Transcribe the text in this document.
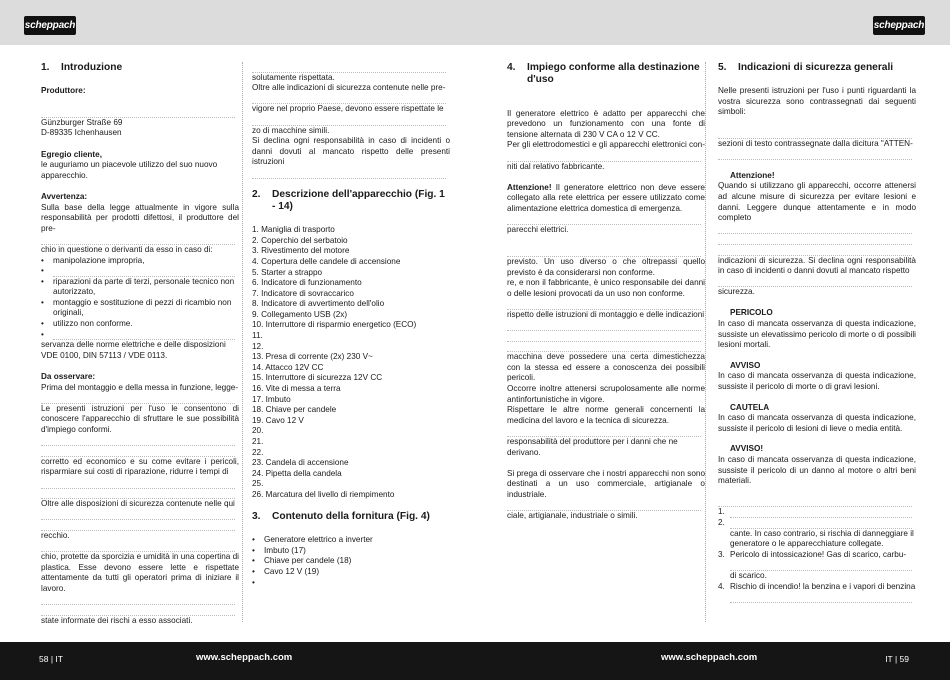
scheppach	scheppach
1.	Introduzione

Produttore:

Günzburger Straße 69

D-89335 Ichenhausen

Egregio cliente,

le auguriamo un piacevole utilizzo del suo nuovo apparecchio.

Avvertenza:

Sulla base della legge attualmente in vigore sulla responsabilità per prodotti difettosi, il produttore del pre-

chio in questione o derivanti da esso in caso di:

•	manipolazione impropria,
•
•	riparazioni da parte di terzi, personale tecnico non autorizzato,
•	montaggio e sostituzione di pezzi di ricambio non originali,
•	utilizzo non conforme.
•

servanza delle norme elettriche e delle disposizioni VDE 0100, DIN 57113 / VDE 0113.

Da osservare:

Prima del montaggio e della messa in funzione, legge-

Le presenti istruzioni per l'uso le consentono di conoscere l'apparecchio di sfruttare le sue possibilità d'impiego conformi.

corretto ed economico e su come evitare i pericoli, risparmiare sui costi di riparazione, ridurre i tempi di

Oltre alle disposizioni di sicurezza contenute nelle qui

recchio.

chio, protette da sporcizia e umidità in una copertina di plastica. Esse devono essere lette e rispettate attentamente da tutti gli operatori prima di iniziare il lavoro.

state informate dei rischi a esso associati.

solutamente rispettata.

Oltre alle indicazioni di sicurezza contenute nelle pre-

vigore nel proprio Paese, devono essere rispettate le

zo di macchine simili.

Si declina ogni responsabilità in caso di incidenti o danni dovuti al mancato rispetto delle presenti istruzioni

2.	Descrizione dell'apparecchio (Fig. 1 - 14)
1. Maniglia di trasporto
2. Coperchio del serbatoio
3. Rivestimento del motore
4. Copertura delle candele di accensione
5. Starter a strappo
6. Indicatore di funzionamento
7. Indicatore di sovraccarico
8. Indicatore di avvertimento dell'olio
9. Collegamento USB (2x)
10. Interruttore di risparmio energetico (ECO)
11.
12.
13. Presa di corrente (2x) 230 V~
14. Attacco 12V CC
15. Interruttore di sicurezza 12V CC
16. Vite di messa a terra
17. Imbuto
18. Chiave per candele
19. Cavo 12 V
20.
21.
22.
23. Candela di accensione
24. Pipetta della candela
25.
26. Marcatura del livello di riempimento
3.	Contenuto della fornitura (Fig. 4)
•	Generatore elettrico a inverter
•	Imbuto (17)
•	Chiave per candele (18)
•	Cavo 12 V (19)
•
4.	Impiego conforme alla destinazione d'uso

Il generatore elettrico è adatto per apparecchi che prevedono un funzionamento con una fonte di tensione alternata di 230 V CA o 12 V CC.

Per gli elettrodomestici e gli apparecchi elettronici con-

niti dal relativo fabbricante.

Attenzione! Il generatore elettrico non deve essere collegato alla rete elettrica per essere utilizzato come alimentazione elettrica domestica di emergenza.

parecchi elettrici.

previsto. Un uso diverso o che oltrepassi quello previsto è da considerarsi non conforme.

re, e non il fabbricante, è unico responsabile dei danni o delle lesioni provocati da un uso non conforme.

rispetto delle istruzioni di montaggio e delle indicazioni

macchina deve possedere una certa dimestichezza con la stessa ed essere a conoscenza dei possibili pericoli.

Occorre inoltre attenersi scrupolosamente alle norme antinfortunistiche in vigore.

Rispettare le altre norme generali concernenti la medicina del lavoro e la tecnica di sicurezza.

responsabilità del produttore per i danni che ne derivano.

Si prega di osservare che i nostri apparecchi non sono destinati a un uso commerciale, artigianale o industriale.

ciale, artigianale, industriale o simili.

5.	Indicazioni di sicurezza generali

Nelle presenti istruzioni per l'uso i punti riguardanti la vostra sicurezza sono contrassegnati dai seguenti simboli:

sezioni di testo contrassegnate dalla dicitura "ATTEN-

Attenzione!

Quando si utilizzano gli apparecchi, occorre attenersi ad alcune misure di sicurezza per evitare lesioni e danni. Leggere dunque attentamente e in modo completo

indicazioni di sicurezza. Si declina ogni responsabilità in caso di incidenti o danni dovuti al mancato rispetto

sicurezza.

PERICOLO

In caso di mancata osservanza di questa indicazione, sussiste un elevatissimo pericolo di morte o di possibili lesioni mortali.

AVVISO

In caso di mancata osservanza di questa indicazione, sussiste il pericolo di morte o di gravi lesioni.

CAUTELA

In caso di mancata osservanza di questa indicazione, sussiste il pericolo di lesioni di lieve o media entità.

AVVISO!

In caso di mancata osservanza di questa indicazione, sussiste il pericolo di un danno al motore o altri beni materiali.

1.
2.
cante. In caso contrario, si rischia di danneggiare il generatore o le apparecchiature collegate.
3. Pericolo di intossicazione! Gas di scarico, carbu-
di scarico.
4. Rischio di incendio! la benzina e i vapori di benzina
58 | IT	www.scheppach.com	www.scheppach.com	IT | 59
